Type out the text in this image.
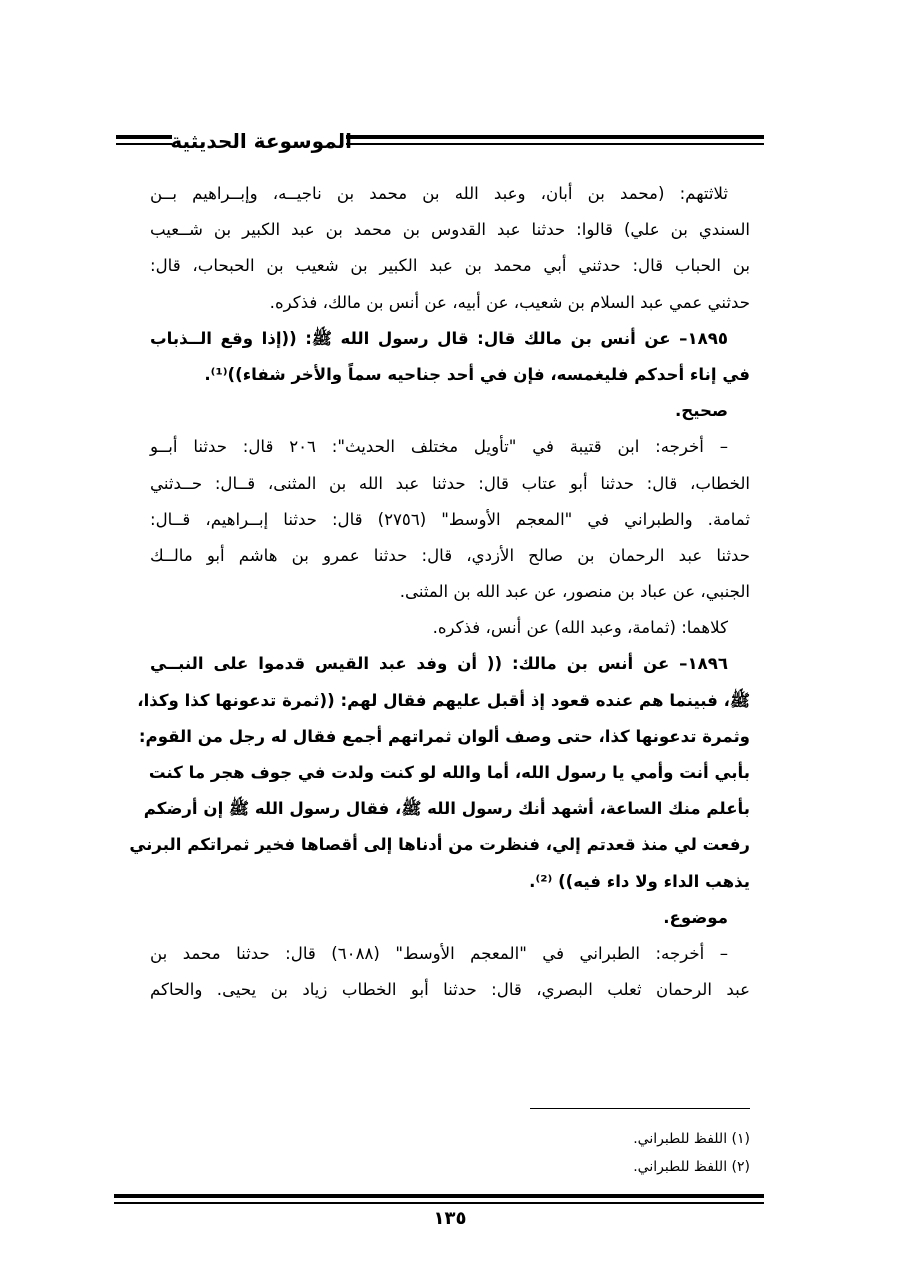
الموسوعة الحديثية
ثلاثتهم: (محمد بن أبان، وعبد الله بن محمد بن ناجيــه، وإبــراهيم بــن
السندي بن علي) قالوا: حدثنا عبد القدوس بن محمد بن عبد الكبير بن شــعيب
بن الحباب قال: حدثني أبي محمد بن عبد الكبير بن شعيب بن الحبحاب، قال:
حدثني عمي عبد السلام بن شعيب، عن أبيه، عن أنس بن مالك، فذكره.
١٨٩٥– عن أنس بن مالك قال: قال رسول الله ﷺ: ((إذا وقع الــذباب
في إناء أحدكم فليغمسه، فإن في أحد جناحيه سماً والأخر شفاء))⁽¹⁾.
صحيح.
– أخرجه: ابن قتيبة في "تأويل مختلف الحديث": ٢٠٦ قال: حدثنا أبــو
الخطاب، قال: حدثنا أبو عتاب قال: حدثنا عبد الله بن المثنى، قــال: حــدثني
ثمامة. والطبراني في "المعجم الأوسط" (٢٧٥٦) قال: حدثنا إبــراهيم، قــال:
حدثنا عبد الرحمان بن صالح الأزدي، قال: حدثنا عمرو بن هاشم أبو مالــك
الجنبي، عن عباد بن منصور، عن عبد الله بن المثنى.
كلاهما: (ثمامة، وعبد الله) عن أنس، فذكره.
١٨٩٦– عن أنس بن مالك: (( أن وفد عبد القيس قدموا على النبــي
ﷺ، فبينما هم عنده قعود إذ أقبل عليهم فقال لهم: ((ثمرة تدعونها كذا وكذا،
وثمرة تدعونها كذا، حتى وصف ألوان ثمراتهم أجمع فقال له رجل من القوم:
بأبي أنت وأمي يا رسول الله، أما والله لو كنت ولدت في جوف هجر ما كنت
بأعلم منك الساعة، أشهد أنك رسول الله ﷺ، فقال رسول الله ﷺ إن أرضكم
رفعت لي منذ قعدتم إلي، فنظرت من أدناها إلى أقصاها فخير ثمراتكم البرني
يذهب الداء ولا داء فيه)) ⁽²⁾.
موضوع.
– أخرجه: الطبراني في "المعجم الأوسط" (٦٠٨٨) قال: حدثنا محمد بن
عبد الرحمان ثعلب البصري، قال: حدثنا أبو الخطاب زياد بن يحيى. والحاكم
(١) اللفظ للطبراني.
(٢) اللفظ للطبراني.
١٣٥
